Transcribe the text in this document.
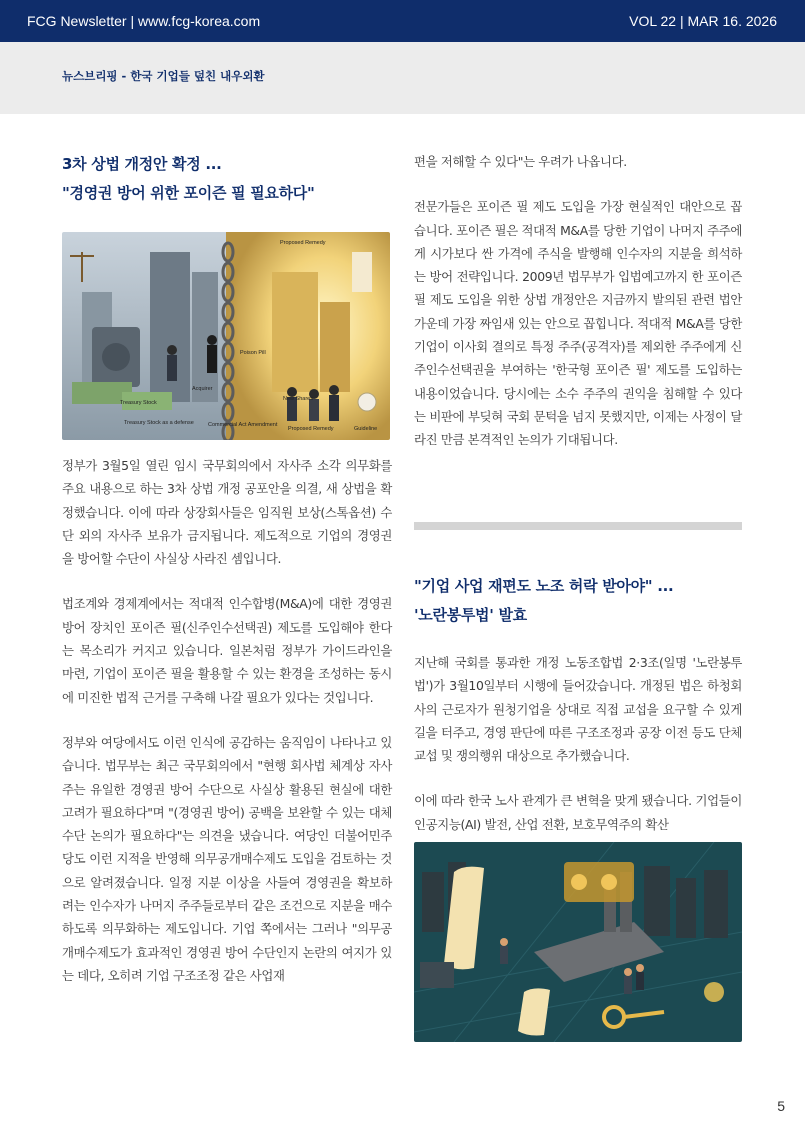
FCG Newsletter | www.fcg-korea.com	VOL 22 | MAR 16. 2026
뉴스브리핑 - 한국 기업들 덮친 내우외환
3차 상법 개정안 확정 ...
"경영권 방어 위한 포이즌 필 필요하다"
Treasury Stock
Treasury Stock as a defense
Acquirer
Commercial Act Amendment
Proposed Remedy
Poison Pill
New Shares
Proposed Remedy	Guideline

정부가 3월5일 열린 임시 국무회의에서 자사주 소각 의무화를 주요 내용으로 하는 3차 상법 개정 공포안을 의결, 새 상법을 확정했습니다. 이에 따라 상장회사들은 임직원 보상(스톡옵션) 수단 외의 자사주 보유가 금지됩니다. 제도적으로 기업의 경영권을 방어할 수단이 사실상 사라진 셈입니다.

법조계와 경제계에서는 적대적 인수합병(M&A)에 대한 경영권 방어 장치인 포이즌 필(신주인수선택권) 제도를 도입해야 한다는 목소리가 커지고 있습니다. 일본처럼 정부가 가이드라인을 마련, 기업이 포이즌 필을 활용할 수 있는 환경을 조성하는 동시에 미진한 법적 근거를 구축해 나갈 필요가 있다는 것입니다.

정부와 여당에서도 이런 인식에 공감하는 움직임이 나타나고 있습니다. 법무부는 최근 국무회의에서 "현행 회사법 체계상 자사주는 유일한 경영권 방어 수단으로 사실상 활용된 현실에 대한 고려가 필요하다"며 "(경영권 방어) 공백을 보완할 수 있는 대체 수단 논의가 필요하다"는 의견을 냈습니다. 여당인 더불어민주당도 이런 지적을 반영해 의무공개매수제도 도입을 검토하는 것으로 알려졌습니다. 일정 지분 이상을 사들여 경영권을 확보하려는 인수자가 나머지 주주들로부터 같은 조건으로 지분을 매수하도록 의무화하는 제도입니다. 기업 쪽에서는 그러나 "의무공개매수제도가 효과적인 경영권 방어 수단인지 논란의 여지가 있는 데다, 오히려 기업 구조조정 같은 사업재

편을 저해할 수 있다"는 우려가 나옵니다.

전문가들은 포이즌 필 제도 도입을 가장 현실적인 대안으로 꼽습니다. 포이즌 필은 적대적 M&A를 당한 기업이 나머지 주주에게 시가보다 싼 가격에 주식을 발행해 인수자의 지분을 희석하는 방어 전략입니다. 2009년 법무부가 입법예고까지 한 포이즌 필 제도 도입을 위한 상법 개정안은 지금까지 발의된 관련 법안 가운데 가장 짜임새 있는 안으로 꼽힙니다. 적대적 M&A를 당한 기업이 이사회 결의로 특정 주주(공격자)를 제외한 주주에게 신주인수선택권을 부여하는 '한국형 포이즌 필' 제도를 도입하는 내용이었습니다. 당시에는 소수 주주의 권익을 침해할 수 있다는 비판에 부딪혀 국회 문턱을 넘지 못했지만, 이제는 사정이 달라진 만큼 본격적인 논의가 기대됩니다.

"기업 사업 재편도 노조 허락 받아야" ...
'노란봉투법' 발효

지난해 국회를 통과한 개정 노동조합법 2·3조(일명 '노란봉투법')가 3월10일부터 시행에 들어갔습니다. 개정된 법은 하청회사의 근로자가 원청기업을 상대로 직접 교섭을 요구할 수 있게 길을 터주고, 경영 판단에 따른 구조조정과 공장 이전 등도 단체교섭 및 쟁의행위 대상으로 추가했습니다.

이에 따라 한국 노사 관계가 큰 변혁을 맞게 됐습니다. 기업들이 인공지능(AI) 발전, 산업 전환, 보호무역주의 확산

5
